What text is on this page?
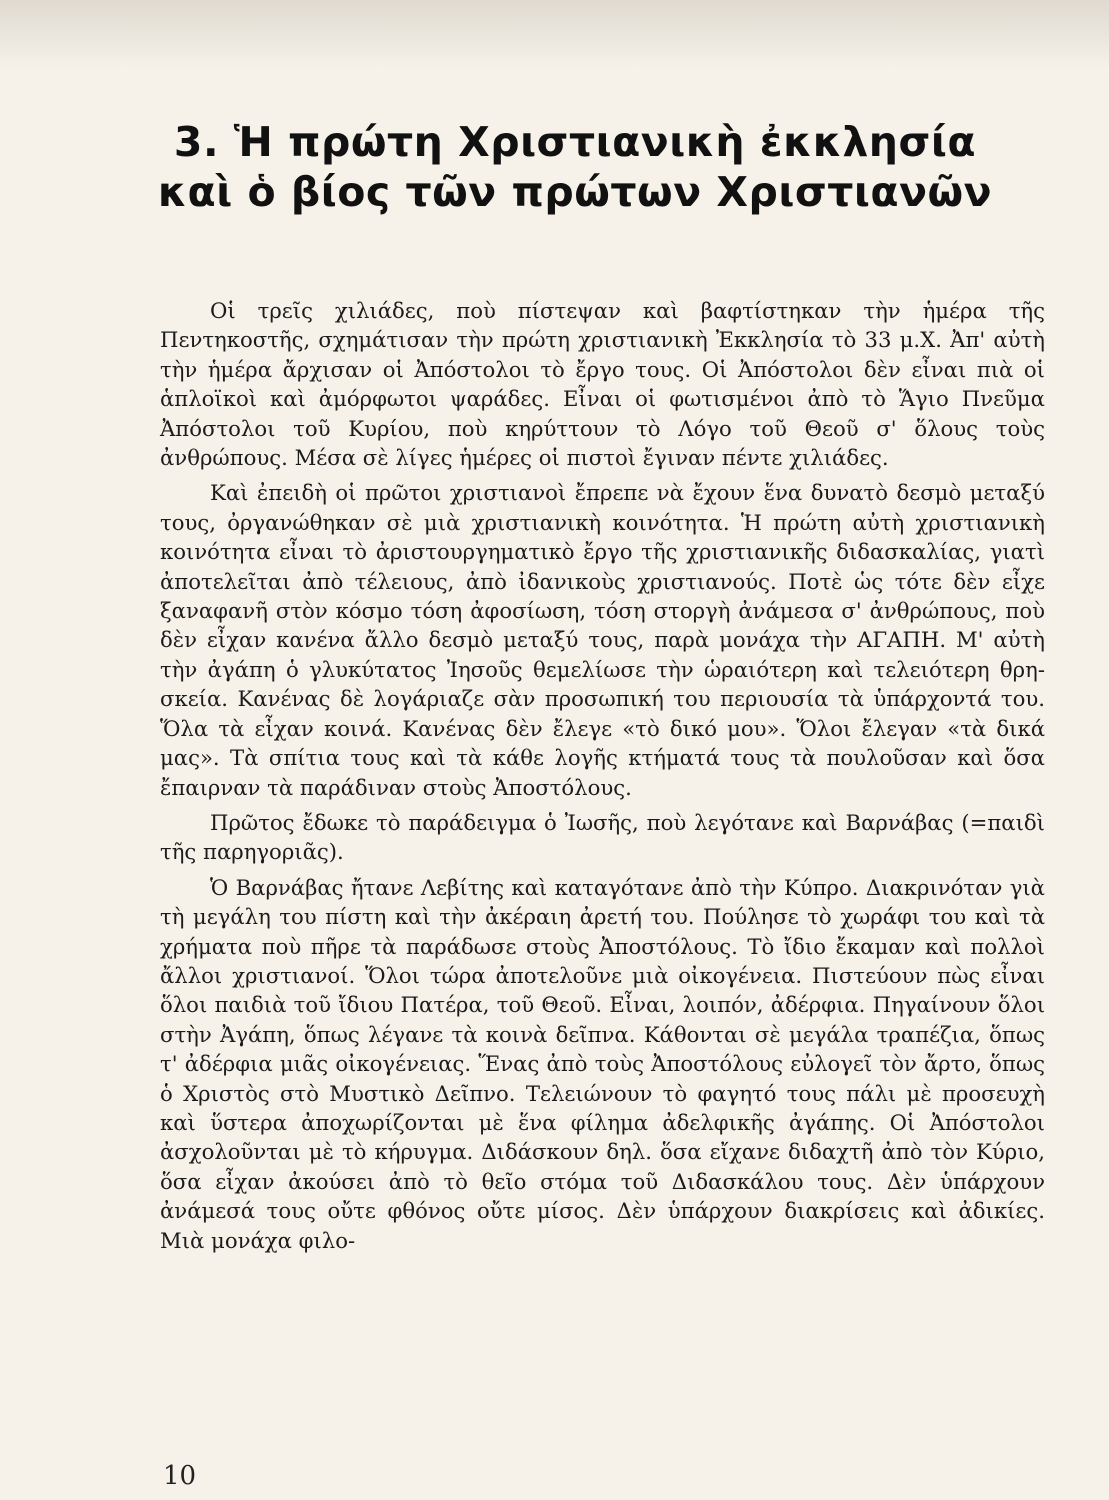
3. Ἡ πρώτη Χριστιανικὴ ἐκκλησία
καὶ ὁ βίος τῶν πρώτων Χριστιανῶν

Οἱ τρεῖς χιλιάδες, ποὺ πίστεψαν καὶ βαφτίστηκαν τὴν ἡμέρα τῆς Πεντηκοστῆς, σχημάτισαν τὴν πρώτη χριστιανικὴ Ἐκκλησία τὸ 33 μ.Χ. Ἀπ' αὐτὴ τὴν ἡμέρα ἄρχισαν οἱ Ἀπόστολοι τὸ ἔργο τους. Οἱ Ἀπόστολοι δὲν εἶναι πιὰ οἱ ἁπλοϊκοὶ καὶ ἀμόρφωτοι ψαράδες. Εἶναι οἱ φωτισμένοι ἀπὸ τὸ Ἅγιο Πνεῦμα Ἀπόστολοι τοῦ Κυρίου, ποὺ κηρύττουν τὸ Λόγο τοῦ Θεοῦ σ' ὅλους τοὺς ἀνθρώπους. Μέσα σὲ λίγες ἡμέρες οἱ πιστοὶ ἔγιναν πέντε χιλιάδες.

Καὶ ἐπειδὴ οἱ πρῶτοι χριστιανοὶ ἔπρεπε νὰ ἔχουν ἕνα δυνατὸ δεσμὸ μεταξύ τους, ὀργανώθηκαν σὲ μιὰ χριστιανικὴ κοινότητα. Ἡ πρώτη αὐτὴ χριστιανικὴ κοινότητα εἶναι τὸ ἀριστουργηματικὸ ἔργο τῆς χριστιανικῆς διδασκαλίας, γιατὶ ἀποτελεῖται ἀπὸ τέλειους, ἀπὸ ἰδανικοὺς χριστιανούς. Ποτὲ ὡς τότε δὲν εἶχε ξαναφανῆ στὸν κόσμο τόση ἀφοσίωση, τόση στοργὴ ἀνάμεσα σ' ἀνθρώπους, ποὺ δὲν εἶχαν κανένα ἄλλο δεσμὸ μεταξύ τους, παρὰ μονάχα τὴν ΑΓΑΠΗ. Μ' αὐτὴ τὴν ἀγάπη ὁ γλυκύτατος Ἰησοῦς θεμελίωσε τὴν ὡραιότερη καὶ τελειότερη θρησκεία. Κανένας δὲ λογάριαζε σὰν προσωπική του περιουσία τὰ ὑπάρχοντά του. Ὅλα τὰ εἶχαν κοινά. Κανένας δὲν ἔλεγε «τὸ δικό μου». Ὅλοι ἔλεγαν «τὰ δικά μας». Τὰ σπίτια τους καὶ τὰ κάθε λογῆς κτήματά τους τὰ πουλοῦσαν καὶ ὅσα ἔπαιρναν τὰ παράδιναν στοὺς Ἀποστόλους.

Πρῶτος ἔδωκε τὸ παράδειγμα ὁ Ἰωσῆς, ποὺ λεγότανε καὶ Βαρνάβας (=παιδὶ τῆς παρηγοριᾶς).

Ὁ Βαρνάβας ἤτανε Λεβίτης καὶ καταγότανε ἀπὸ τὴν Κύπρο. Διακρινόταν γιὰ τὴ μεγάλη του πίστη καὶ τὴν ἀκέραιη ἀρετή του. Πούλησε τὸ χωράφι του καὶ τὰ χρήματα ποὺ πῆρε τὰ παράδωσε στοὺς Ἀποστόλους. Τὸ ἴδιο ἔκαμαν καὶ πολλοὶ ἄλλοι χριστιανοί. Ὅλοι τώρα ἀποτελοῦνε μιὰ οἰκογένεια. Πιστεύουν πὼς εἶναι ὅλοι παιδιὰ τοῦ ἴδιου Πατέρα, τοῦ Θεοῦ. Εἶναι, λοιπόν, ἀδέρφια. Πηγαίνουν ὅλοι στὴν Ἀγάπη, ὅπως λέγανε τὰ κοινὰ δεῖπνα. Κάθονται σὲ μεγάλα τραπέζια, ὅπως τ' ἀδέρφια μιᾶς οἰκογένειας. Ἕνας ἀπὸ τοὺς Ἀποστόλους εὐλογεῖ τὸν ἄρτο, ὅπως ὁ Χριστὸς στὸ Μυστικὸ Δεῖπνο. Τελειώνουν τὸ φαγητό τους πάλι μὲ προσευχὴ καὶ ὕστερα ἀποχωρίζονται μὲ ἕνα φίλημα ἀδελφικῆς ἀγάπης. Οἱ Ἀπόστολοι ἀσχολοῦνται μὲ τὸ κήρυγμα. Διδάσκουν δηλ. ὅσα εἴχανε διδαχτῆ ἀπὸ τὸν Κύριο, ὅσα εἶχαν ἀκούσει ἀπὸ τὸ θεῖο στόμα τοῦ Διδασκάλου τους. Δὲν ὑπάρχουν ἀνάμεσά τους οὔτε φθόνος οὔτε μίσος. Δὲν ὑπάρχουν διακρίσεις καὶ ἀδικίες. Μιὰ μονάχα φιλο-

10
